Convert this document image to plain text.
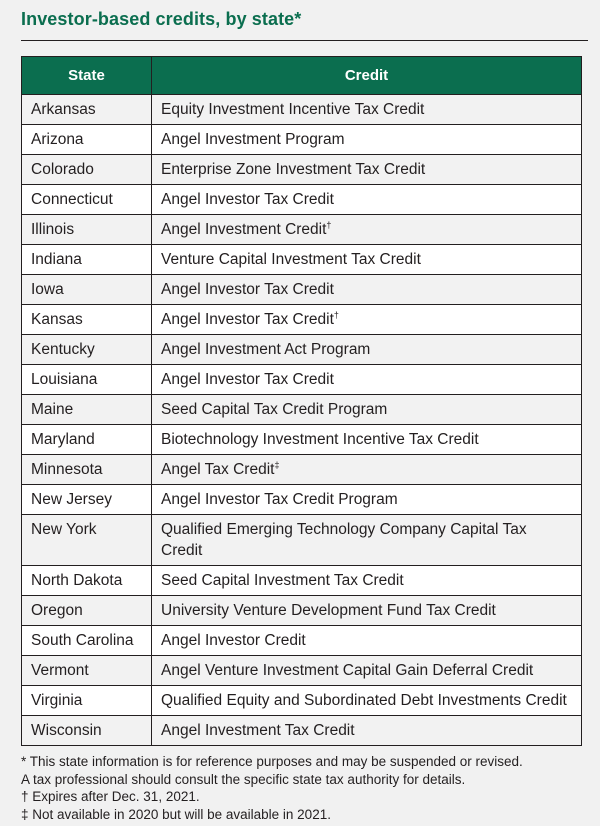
Investor-based credits, by state*
State	Credit
Arkansas	Equity Investment Incentive Tax Credit
Arizona	Angel Investment Program
Colorado	Enterprise Zone Investment Tax Credit
Connecticut	Angel Investor Tax Credit
Illinois	Angel Investment Credit†
Indiana	Venture Capital Investment Tax Credit
Iowa	Angel Investor Tax Credit
Kansas	Angel Investor Tax Credit†
Kentucky	Angel Investment Act Program
Louisiana	Angel Investor Tax Credit
Maine	Seed Capital Tax Credit Program
Maryland	Biotechnology Investment Incentive Tax Credit
Minnesota	Angel Tax Credit‡
New Jersey	Angel Investor Tax Credit Program
New York	Qualified Emerging Technology Company Capital Tax Credit
North Dakota	Seed Capital Investment Tax Credit
Oregon	University Venture Development Fund Tax Credit
South Carolina	Angel Investor Credit
Vermont	Angel Venture Investment Capital Gain Deferral Credit
Virginia	Qualified Equity and Subordinated Debt Investments Credit
Wisconsin	Angel Investment Tax Credit
* This state information is for reference purposes and may be suspended or revised.
A tax professional should consult the specific state tax authority for details.
† Expires after Dec. 31, 2021.
‡ Not available in 2020 but will be available in 2021.
